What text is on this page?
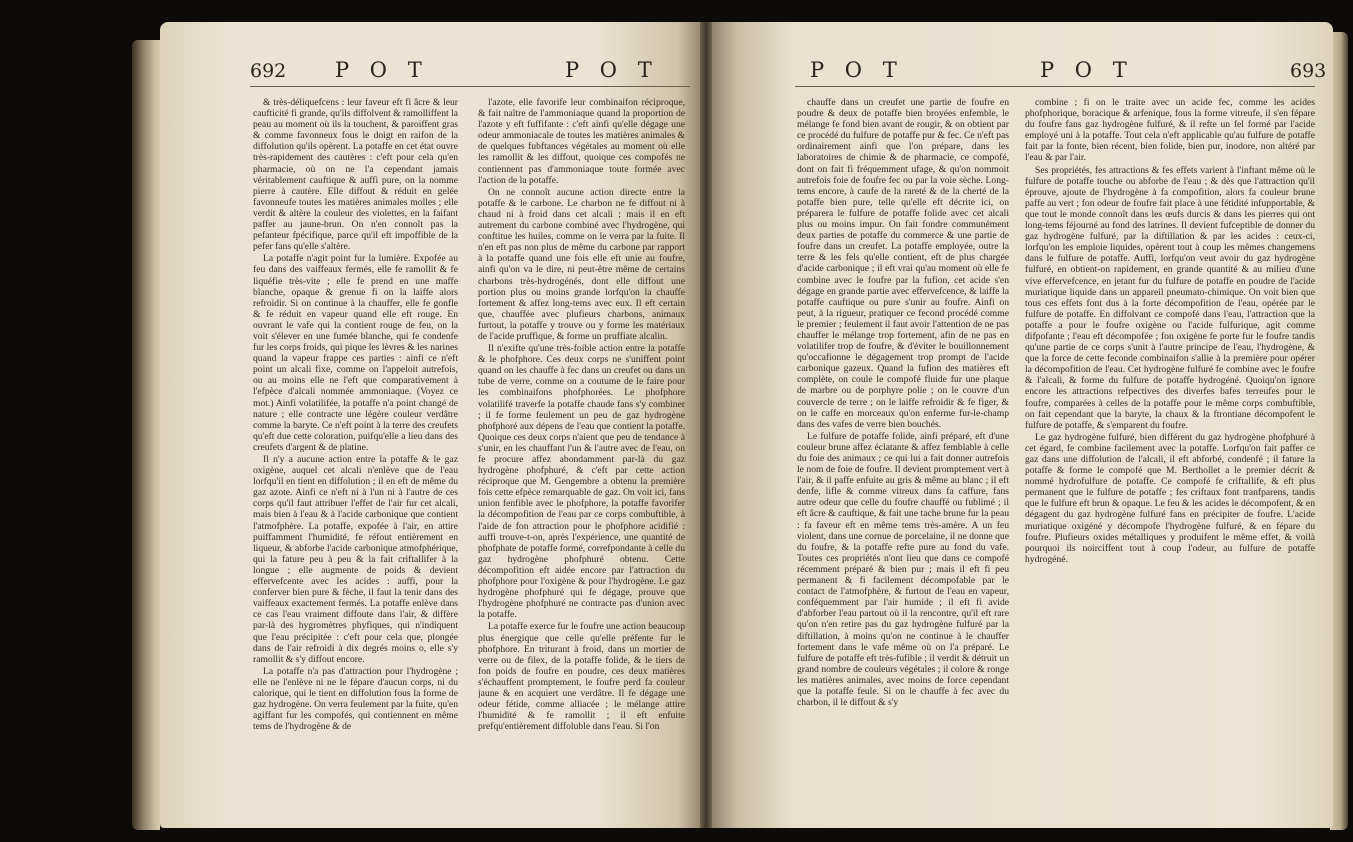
692 P O T	P O T

& très-déliquefcens : leur faveur eft fi âcre & leur caufticité fi grande, qu'ils diffolvent & ramolliffent la peau au moment où ils la touchent, & paroiffent gras & comme favonneux fous le doigt en raifon de la diffolution qu'ils opèrent. La potaffe en cet état ouvre très-rapidement des cautères : c'eft pour cela qu'en pharmacie, où on ne l'a cependant jamais véritablement cauftique & auffi pure, on la nomme pierre à cautère. Elle diffout & réduit en gelée favonneufe toutes les matières animales molles ; elle verdit & altère la couleur des violettes, en la faifant paffer au jaune-brun. On n'en connoît pas la pefanteur fpécifique, parce qu'il eft impoffible de la pefer fans qu'elle s'altère.

La potaffe n'agit point fur la lumière. Expofée au feu dans des vaiffeaux fermés, elle fe ramollit & fe liquéfie très-vite ; elle fe prend en une maffe blanche, opaque & grenue fi on la laiffe alors refroidir. Si on continue à la chauffer, elle fe gonfle & fe réduit en vapeur quand elle eft rouge. En ouvrant le vafe qui la contient rouge de feu, on la voit s'élever en une fumée blanche, qui fe condenfe fur les corps froids, qui pique les lèvres & les narines quand la vapeur frappe ces parties : ainfi ce n'eft point un alcali fixe, comme on l'appeloit autrefois, ou au moins elle ne l'eft que comparativement à l'efpèce d'alcali nommée ammoniaque. (Voyez ce mot.) Ainfi volatilifée, la potaffe n'a point changé de nature ; elle contracte une légère couleur verdâtre comme la baryte. Ce n'eft point à la terre des creufets qu'eft due cette coloration, puifqu'elle a lieu dans des creufets d'argent & de platine.

Il n'y a aucune action entre la potaffe & le gaz oxigène, auquel cet alcali n'enlève que de l'eau lorfqu'il en tient en diffolution ; il en eft de même du gaz azote. Ainfi ce n'eft ni à l'un ni à l'autre de ces corps qu'il faut attribuer l'effet de l'air fur cet alcali, mais bien à l'eau & à l'acide carbonique que contient l'atmofphère. La potaffe, expofée à l'air, en attire puiffamment l'humidité, fe réfout entièrement en liqueur, & abforbe l'acide carbonique atmofphérique, qui la fature peu à peu & la fait criftallifer à la longue ; elle augmente de poids & devient effervefcente avec les acides : auffi, pour la conferver bien pure & fèche, il faut la tenir dans des vaiffeaux exactement fermés. La potaffe enlève dans ce cas l'eau vraiment diffoute dans l'air, & diffère par-là des hygromètres phyfiques, qui n'indiquent que l'eau précipitée : c'eft pour cela que, plongée dans de l'air refroidi à dix degrés moins o, elle s'y ramollit & s'y diffout encore.

La potaffe n'a pas d'attraction pour l'hydrogène ; elle ne l'enlève ni ne le fépare d'aucun corps, ni du calorique, qui le tient en diffolution fous la forme de gaz hydrogène. On verra feulement par la fuite, qu'en agiffant fur les compofés, qui contiennent en même tems de l'hydrogène & de

l'azote, elle favorife leur combinaifon réciproque, & fait naître de l'ammoniaque quand la proportion de l'azote y eft fuffifante : c'eft ainfi qu'elle dégage une odeur ammoniacale de toutes les matières animales & de quelques fubftances végétales au moment où elle les ramollit & les diffout, quoique ces compofés ne contiennent pas d'ammoniaque toute formée avec l'action de la potaffe.

On ne connoît aucune action directe entre la potaffe & le carbone. Le charbon ne fe diffout ni à chaud ni à froid dans cet alcali ; mais il en eft autrement du carbone combiné avec l'hydrogène, qui conftitue les huiles, comme on le verra par la fuite. Il n'en eft pas non plus de même du carbone par rapport à la potaffe quand une fois elle eft unie au foufre, ainfi qu'on va le dire, ni peut-être même de certains charbons très-hydrogénés, dont elle diffout une portion plus ou moins grande lorfqu'on la chauffe fortement & affez long-tems avec eux. Il eft certain que, chauffée avec plufieurs charbons, animaux furtout, la potaffe y trouve ou y forme les matériaux de l'acide pruffique, & forme un pruffiate alcalin.

Il n'exifte qu'une très-foible action entre la potaffe & le phofphore. Ces deux corps ne s'uniffent point quand on les chauffe à fec dans un creufet ou dans un tube de verre, comme on a coutume de le faire pour les combinaifons phofphorées. Le phofphore volatilifé traverfe la potaffe chaude fans s'y combiner ; il fe forme feulement un peu de gaz hydrogène phofphoré aux dépens de l'eau que contient la potaffe. Quoique ces deux corps n'aient que peu de tendance à s'unir, en les chauffant l'un & l'autre avec de l'eau, on fe procure affez abondamment par-là du gaz hydrogène phofphuré, & c'eft par cette action réciproque que M. Gengembre a obtenu la première fois cette efpèce remarquable de gaz. On voit ici, fans union fenfible avec le phofphore, la potaffe favorifer la décompofition de l'eau par ce corps combuftible, à l'aide de fon attraction pour le phofphore acidifié : auffi trouve-t-on, après l'expérience, une quantité de phofphate de potaffe formé, correfpondante à celle du gaz hydrogène phofphuré obtenu. Cette décompofition eft aidée encore par l'attraction du phofphore pour l'oxigène & pour l'hydrogène. Le gaz hydrogène phofphuré qui fe dégage, prouve que l'hydrogène phofphuré ne contracte pas d'union avec la potaffe.

La potaffe exerce fur le foufre une action beaucoup plus énergique que celle qu'elle préfente fur le phofphore. En triturant à froid, dans un mortier de verre ou de filex, de la potaffe folide, & le tiers de fon poids de foufre en poudre, ces deux matières s'échauffent promptement, le foufre perd fa couleur jaune & en acquiert une verdâtre. Il fe dégage une odeur fétide, comme alliacée ; le mélange attire l'humidité & fe ramollit ; il eft enfuite prefqu'entièrement diffoluble dans l'eau. Si l'on

P O T	P O T	693

chauffe dans un creufet une partie de foufre en poudre & deux de potaffe bien broyées enfemble, le mélange fe fond bien avant de rougir, & on obtient par ce procédé du fulfure de potaffe pur & fec. Ce n'eft pas ordinairement ainfi que l'on prépare, dans les laboratoires de chimie & de pharmacie, ce compofé, dont on fait fi fréquemment ufage, & qu'on nommoit autrefois foie de foufre fec ou par la voie sèche. Long-tems encore, à caufe de la rareté & de la cherté de la potaffe bien pure, telle qu'elle eft décrite ici, on préparera le fulfure de potaffe folide avec cet alcali plus ou moins impur. On fait fondre communément deux parties de potaffe du commerce & une partie de foufre dans un creufet. La potaffe employée, outre la terre & les fels qu'elle contient, eft de plus chargée d'acide carbonique ; il eft vrai qu'au moment où elle fe combine avec le foufre par la fufion, cet acide s'en dégage en grande partie avec effervefcence, & laiffe la potaffe cauftique ou pure s'unir au foufre. Ainfi on peut, à la rigueur, pratiquer ce fecond procédé comme le premier ; feulement il faut avoir l'attention de ne pas chauffer le mélange trop fortement, afin de ne pas en volatilifer trop de foufre, & d'éviter le bouillonnement qu'occafionne le dégagement trop prompt de l'acide carbonique gazeux. Quand la fufion des matières eft complète, on coule le compofé fluide fur une plaque de marbre ou de porphyre polie ; on le couvre d'un couvercle de terre ; on le laiffe refroidir & fe figer, & on le caffe en morceaux qu'on enferme fur-le-champ dans des vafes de verre bien bouchés.

Le fulfure de potaffe folide, ainfi préparé, eft d'une couleur brune affez éclatante & affez femblable à celle du foie des animaux ; ce qui lui a fait donner autrefois le nom de foie de foufre. Il devient promptement vert à l'air, & il paffe enfuite au gris & même au blanc ; il eft denfe, lifle & comme vitreux dans fa caffure, fans autre odeur que celle du foufre chauffé ou fublimé ; il eft âcre & cauftique, & fait une tache brune fur la peau : fa faveur eft en même tems très-amère. A un feu violent, dans une cornue de porcelaine, il ne donne que du foufre, & la potaffe refte pure au fond du vafe. Toutes ces propriétés n'ont lieu que dans ce compofé récemment préparé & bien pur ; mais il eft fi peu permanent & fi facilement décompofable par le contact de l'atmofphère, & furtout de l'eau en vapeur, conféquemment par l'air humide ; il eft fi avide d'abforber l'eau partout où il la rencontre, qu'il eft rare qu'on n'en retire pas du gaz hydrogène fulfuré par la diftillation, à moins qu'on ne continue à le chauffer fortement dans le vafe même où on l'a préparé. Le fulfure de potaffe eft très-fufible ; il verdit & détruit un grand nombre de couleurs végétales ; il colore & ronge les matières animales, avec moins de force cependant que la potaffe feule. Si on le chauffe à fec avec du charbon, il le diffout & s'y

combine ; fi on le traite avec un acide fec, comme les acides phofphorique, boracique & arfenique, fous la forme vitreufe, il s'en fépare du foufre fans gaz hydrogène fulfuré, & il refte un fel formé par l'acide employé uni à la potaffe. Tout cela n'eft applicable qu'au fulfure de potaffe fait par la fonte, bien récent, bien folide, bien pur, inodore, non altéré par l'eau & par l'air.

Ses propriétés, fes attractions & fes effets varient à l'inftant même où le fulfure de potaffe touche ou abforbe de l'eau ; & dès que l'attraction qu'il éprouve, ajoute de l'hydrogène à fa compofition, alors fa couleur brune paffe au vert ; fon odeur de foufre fait place à une fétidité infupportable, & que tout le monde connoît dans les œufs durcis & dans les pierres qui ont long-tems féjourné au fond des latrines. Il devient fufceptible de donner du gaz hydrogène fulfuré, par la diftillation & par les acides : ceux-ci, lorfqu'on les emploie liquides, opèrent tout à coup les mêmes changemens dans le fulfure de potaffe. Auffi, lorfqu'on veut avoir du gaz hydrogène fulfuré, en obtient-on rapidement, en grande quantité & au milieu d'une vive effervefcence, en jetant fur du fulfure de potaffe en poudre de l'acide muriatique liquide dans un appareil pneumato-chimique. On voit bien que tous ces effets font dus à la forte décompofition de l'eau, opérée par le fulfure de potaffe. En diffolvant ce compofé dans l'eau, l'attraction que la potaffe a pour le foufre oxigène ou l'acide fulfurique, agit comme difpofante ; l'eau eft décompofée ; fon oxigène fe porte fur le foufre tandis qu'une partie de ce corps s'unit à l'autre principe de l'eau, l'hydrogène, & que la force de cette feconde combinaifon s'allie à la première pour opérer la décompofition de l'eau. Cet hydrogène fulfuré fe combine avec le foufre & l'alcali, & forme du fulfure de potaffe hydrogéné. Quoiqu'on ignore encore les attractions refpectives des diverfes bafes terreufes pour le foufre, comparées à celles de la potaffe pour le même corps combuftible, on fait cependant que la baryte, la chaux & la ftrontiane décompofent le fulfure de potaffe, & s'emparent du foufre.

Le gaz hydrogène fulfuré, bien différent du gaz hydrogène phofphuré à cet égard, fe combine facilement avec la potaffe. Lorfqu'on fait paffer ce gaz dans une diffolution de l'alcali, il eft abforbé, condenfé ; il fature la potaffe & forme le compofé que M. Berthollet a le premier décrit & nommé hydrofulfure de potaffe. Ce compofé fe criftallife, & eft plus permanent que le fulfure de potaffe ; fes criftaux font tranfparens, tandis que le fulfure eft brun & opaque. Le feu & les acides le décompofent, & en dégagent du gaz hydrogène fulfuré fans en précipiter de foufre. L'acide muriatique oxigéné y décompofe l'hydrogène fulfuré, & en fépare du foufre. Plufieurs oxides métalliques y produifent le même effet, & voilà pourquoi ils noirciffent tout à coup l'odeur, au fulfure de potaffe hydrogéné.
